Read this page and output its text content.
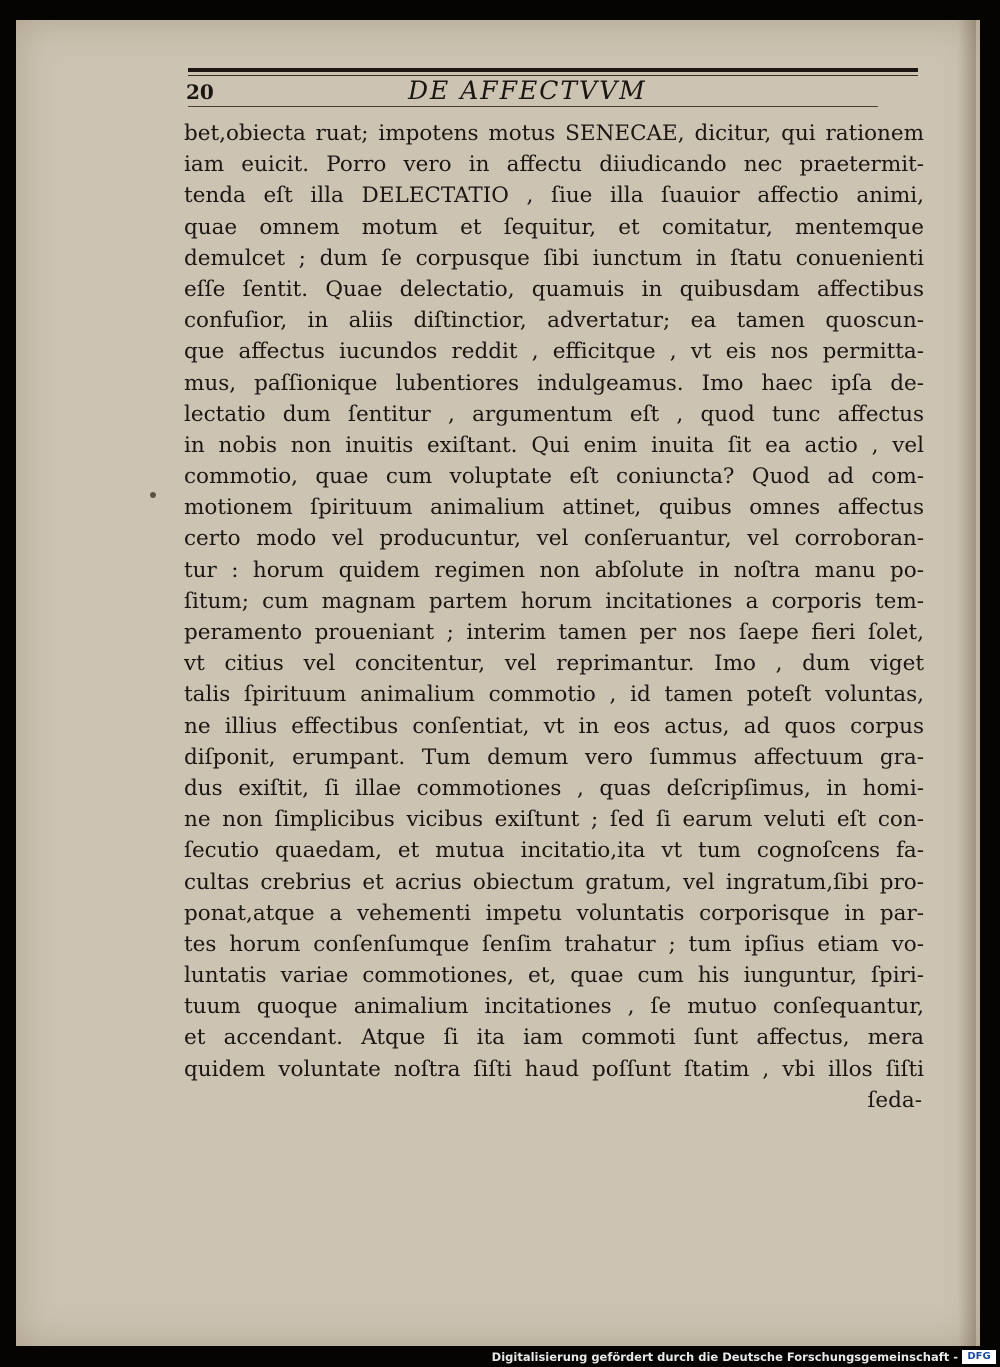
20	DE AFFECTVVM
bet,obiecta ruat; impotens motus SENECAE, dicitur, qui rationem
iam euicit. Porro vero in affectu diiudicando nec praetermit-
tenda eſt illa DELECTATIO , ſiue illa ſuauior affectio animi,
quae omnem motum et ſequitur, et comitatur, mentemque
demulcet ; dum ſe corpusque ſibi iunctum in ſtatu conuenienti
eſſe ſentit. Quae delectatio, quamuis in quibusdam affectibus
confuſior, in aliis diſtinctior, advertatur; ea tamen quoscun-
que affectus iucundos reddit , efficitque , vt eis nos permitta-
mus, paſſionique lubentiores indulgeamus. Imo haec ipſa de-
lectatio dum ſentitur , argumentum eſt , quod tunc affectus
in nobis non inuitis exiſtant. Qui enim inuita ſit ea actio , vel
commotio, quae cum voluptate eſt coniuncta? Quod ad com-
motionem ſpirituum animalium attinet, quibus omnes affectus
certo modo vel producuntur, vel conſeruantur, vel corroboran-
tur : horum quidem regimen non abſolute in noſtra manu po-
ſitum; cum magnam partem horum incitationes a corporis tem-
peramento proueniant ; interim tamen per nos ſaepe fieri ſolet,
vt citius vel concitentur, vel reprimantur. Imo , dum viget
talis ſpirituum animalium commotio , id tamen poteſt voluntas,
ne illius effectibus conſentiat, vt in eos actus, ad quos corpus
diſponit, erumpant. Tum demum vero ſummus affectuum gra-
dus exiſtit, ſi illae commotiones , quas deſcripſimus, in homi-
ne non ſimplicibus vicibus exiſtunt ; ſed ſi earum veluti eſt con-
ſecutio quaedam, et mutua incitatio,ita vt tum cognoſcens fa-
cultas crebrius et acrius obiectum gratum, vel ingratum,ſibi pro-
ponat,atque a vehementi impetu voluntatis corporisque in par-
tes horum conſenſumque ſenſim trahatur ; tum ipſius etiam vo-
luntatis variae commotiones, et, quae cum his iunguntur, ſpiri-
tuum quoque animalium incitationes , ſe mutuo conſequantur,
et accendant. Atque ſi ita iam commoti ſunt affectus, mera
quidem voluntate noſtra ſiſti haud poſſunt ſtatim , vbi illos ſiſti
ſeda-
Digitalisierung gefördert durch die Deutsche Forschungsgemeinschaft - DFG
